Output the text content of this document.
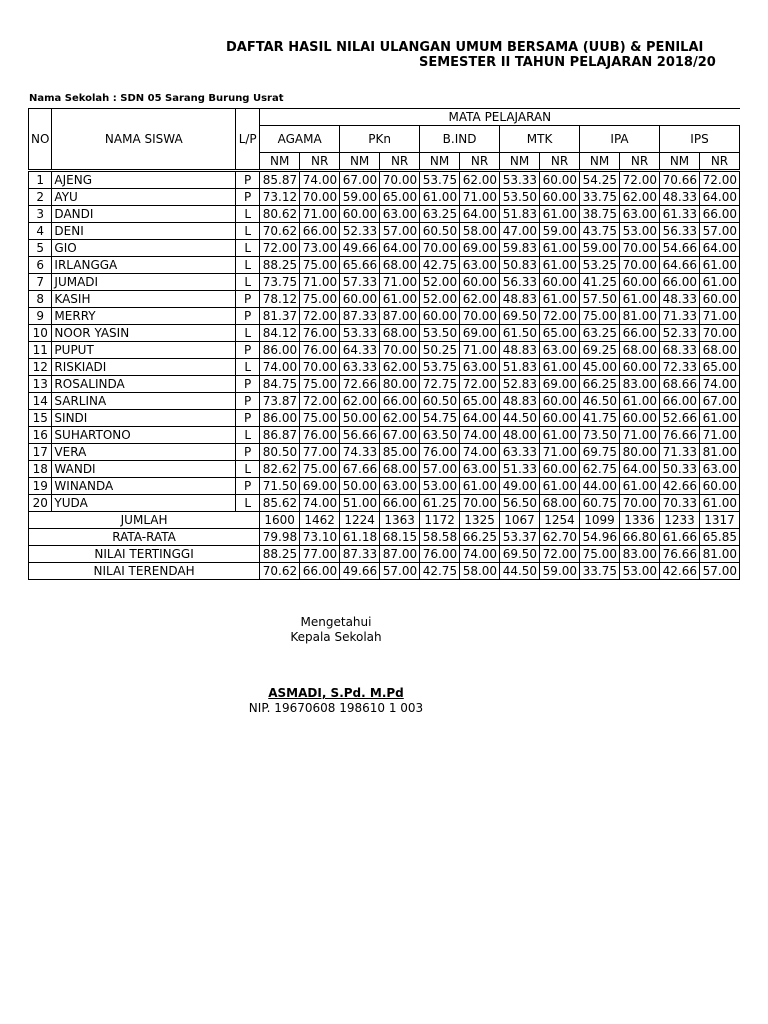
DAFTAR HASIL NILAI ULANGAN UMUM BERSAMA (UUB) & PENILAI
SEMESTER II TAHUN PELAJARAN 2018/20
Nama Sekolah : SDN 05 Sarang Burung Usrat
NO	NAMA SISWA	L/P	MATA PELAJARAN											
			AGAMA		PKn		B.IND		MTK		IPA		IPS	
			NM	NR	NM	NR	NM	NR	NM	NR	NM	NR	NM	NR

1	AJENG	P	85.87	74.00	67.00	70.00	53.75	62.00	53.33	60.00	54.25	72.00	70.66	72.00
2	AYU	P	73.12	70.00	59.00	65.00	61.00	71.00	53.50	60.00	33.75	62.00	48.33	64.00
3	DANDI	L	80.62	71.00	60.00	63.00	63.25	64.00	51.83	61.00	38.75	63.00	61.33	66.00
4	DENI	L	70.62	66.00	52.33	57.00	60.50	58.00	47.00	59.00	43.75	53.00	56.33	57.00
5	GIO	L	72.00	73.00	49.66	64.00	70.00	69.00	59.83	61.00	59.00	70.00	54.66	64.00
6	IRLANGGA	L	88.25	75.00	65.66	68.00	42.75	63.00	50.83	61.00	53.25	70.00	64.66	61.00
7	JUMADI	L	73.75	71.00	57.33	71.00	52.00	60.00	56.33	60.00	41.25	60.00	66.00	61.00
8	KASIH	P	78.12	75.00	60.00	61.00	52.00	62.00	48.83	61.00	57.50	61.00	48.33	60.00
9	MERRY	P	81.37	72.00	87.33	87.00	60.00	70.00	69.50	72.00	75.00	81.00	71.33	71.00
10	NOOR YASIN	L	84.12	76.00	53.33	68.00	53.50	69.00	61.50	65.00	63.25	66.00	52.33	70.00
11	PUPUT	P	86.00	76.00	64.33	70.00	50.25	71.00	48.83	63.00	69.25	68.00	68.33	68.00
12	RISKIADI	L	74.00	70.00	63.33	62.00	53.75	63.00	51.83	61.00	45.00	60.00	72.33	65.00
13	ROSALINDA	P	84.75	75.00	72.66	80.00	72.75	72.00	52.83	69.00	66.25	83.00	68.66	74.00
14	SARLINA	P	73.87	72.00	62.00	66.00	60.50	65.00	48.83	60.00	46.50	61.00	66.00	67.00
15	SINDI	P	86.00	75.00	50.00	62.00	54.75	64.00	44.50	60.00	41.75	60.00	52.66	61.00
16	SUHARTONO	L	86.87	76.00	56.66	67.00	63.50	74.00	48.00	61.00	73.50	71.00	76.66	71.00
17	VERA	P	80.50	77.00	74.33	85.00	76.00	74.00	63.33	71.00	69.75	80.00	71.33	81.00
18	WANDI	L	82.62	75.00	67.66	68.00	57.00	63.00	51.33	60.00	62.75	64.00	50.33	63.00
19	WINANDA	P	71.50	69.00	50.00	63.00	53.00	61.00	49.00	61.00	44.00	61.00	42.66	60.00
20	YUDA	L	85.62	74.00	51.00	66.00	61.25	70.00	56.50	68.00	60.75	70.00	70.33	61.00
JUMLAH			1600	1462	1224	1363	1172	1325	1067	1254	1099	1336	1233	1317
RATA-RATA			79.98	73.10	61.18	68.15	58.58	66.25	53.37	62.70	54.96	66.80	61.66	65.85
NILAI TERTINGGI			88.25	77.00	87.33	87.00	76.00	74.00	69.50	72.00	75.00	83.00	76.66	81.00
NILAI TERENDAH			70.62	66.00	49.66	57.00	42.75	58.00	44.50	59.00	33.75	53.00	42.66	57.00
Mengetahui
Kepala Sekolah
ASMADI, S.Pd. M.Pd
NIP. 19670608 198610 1 003
